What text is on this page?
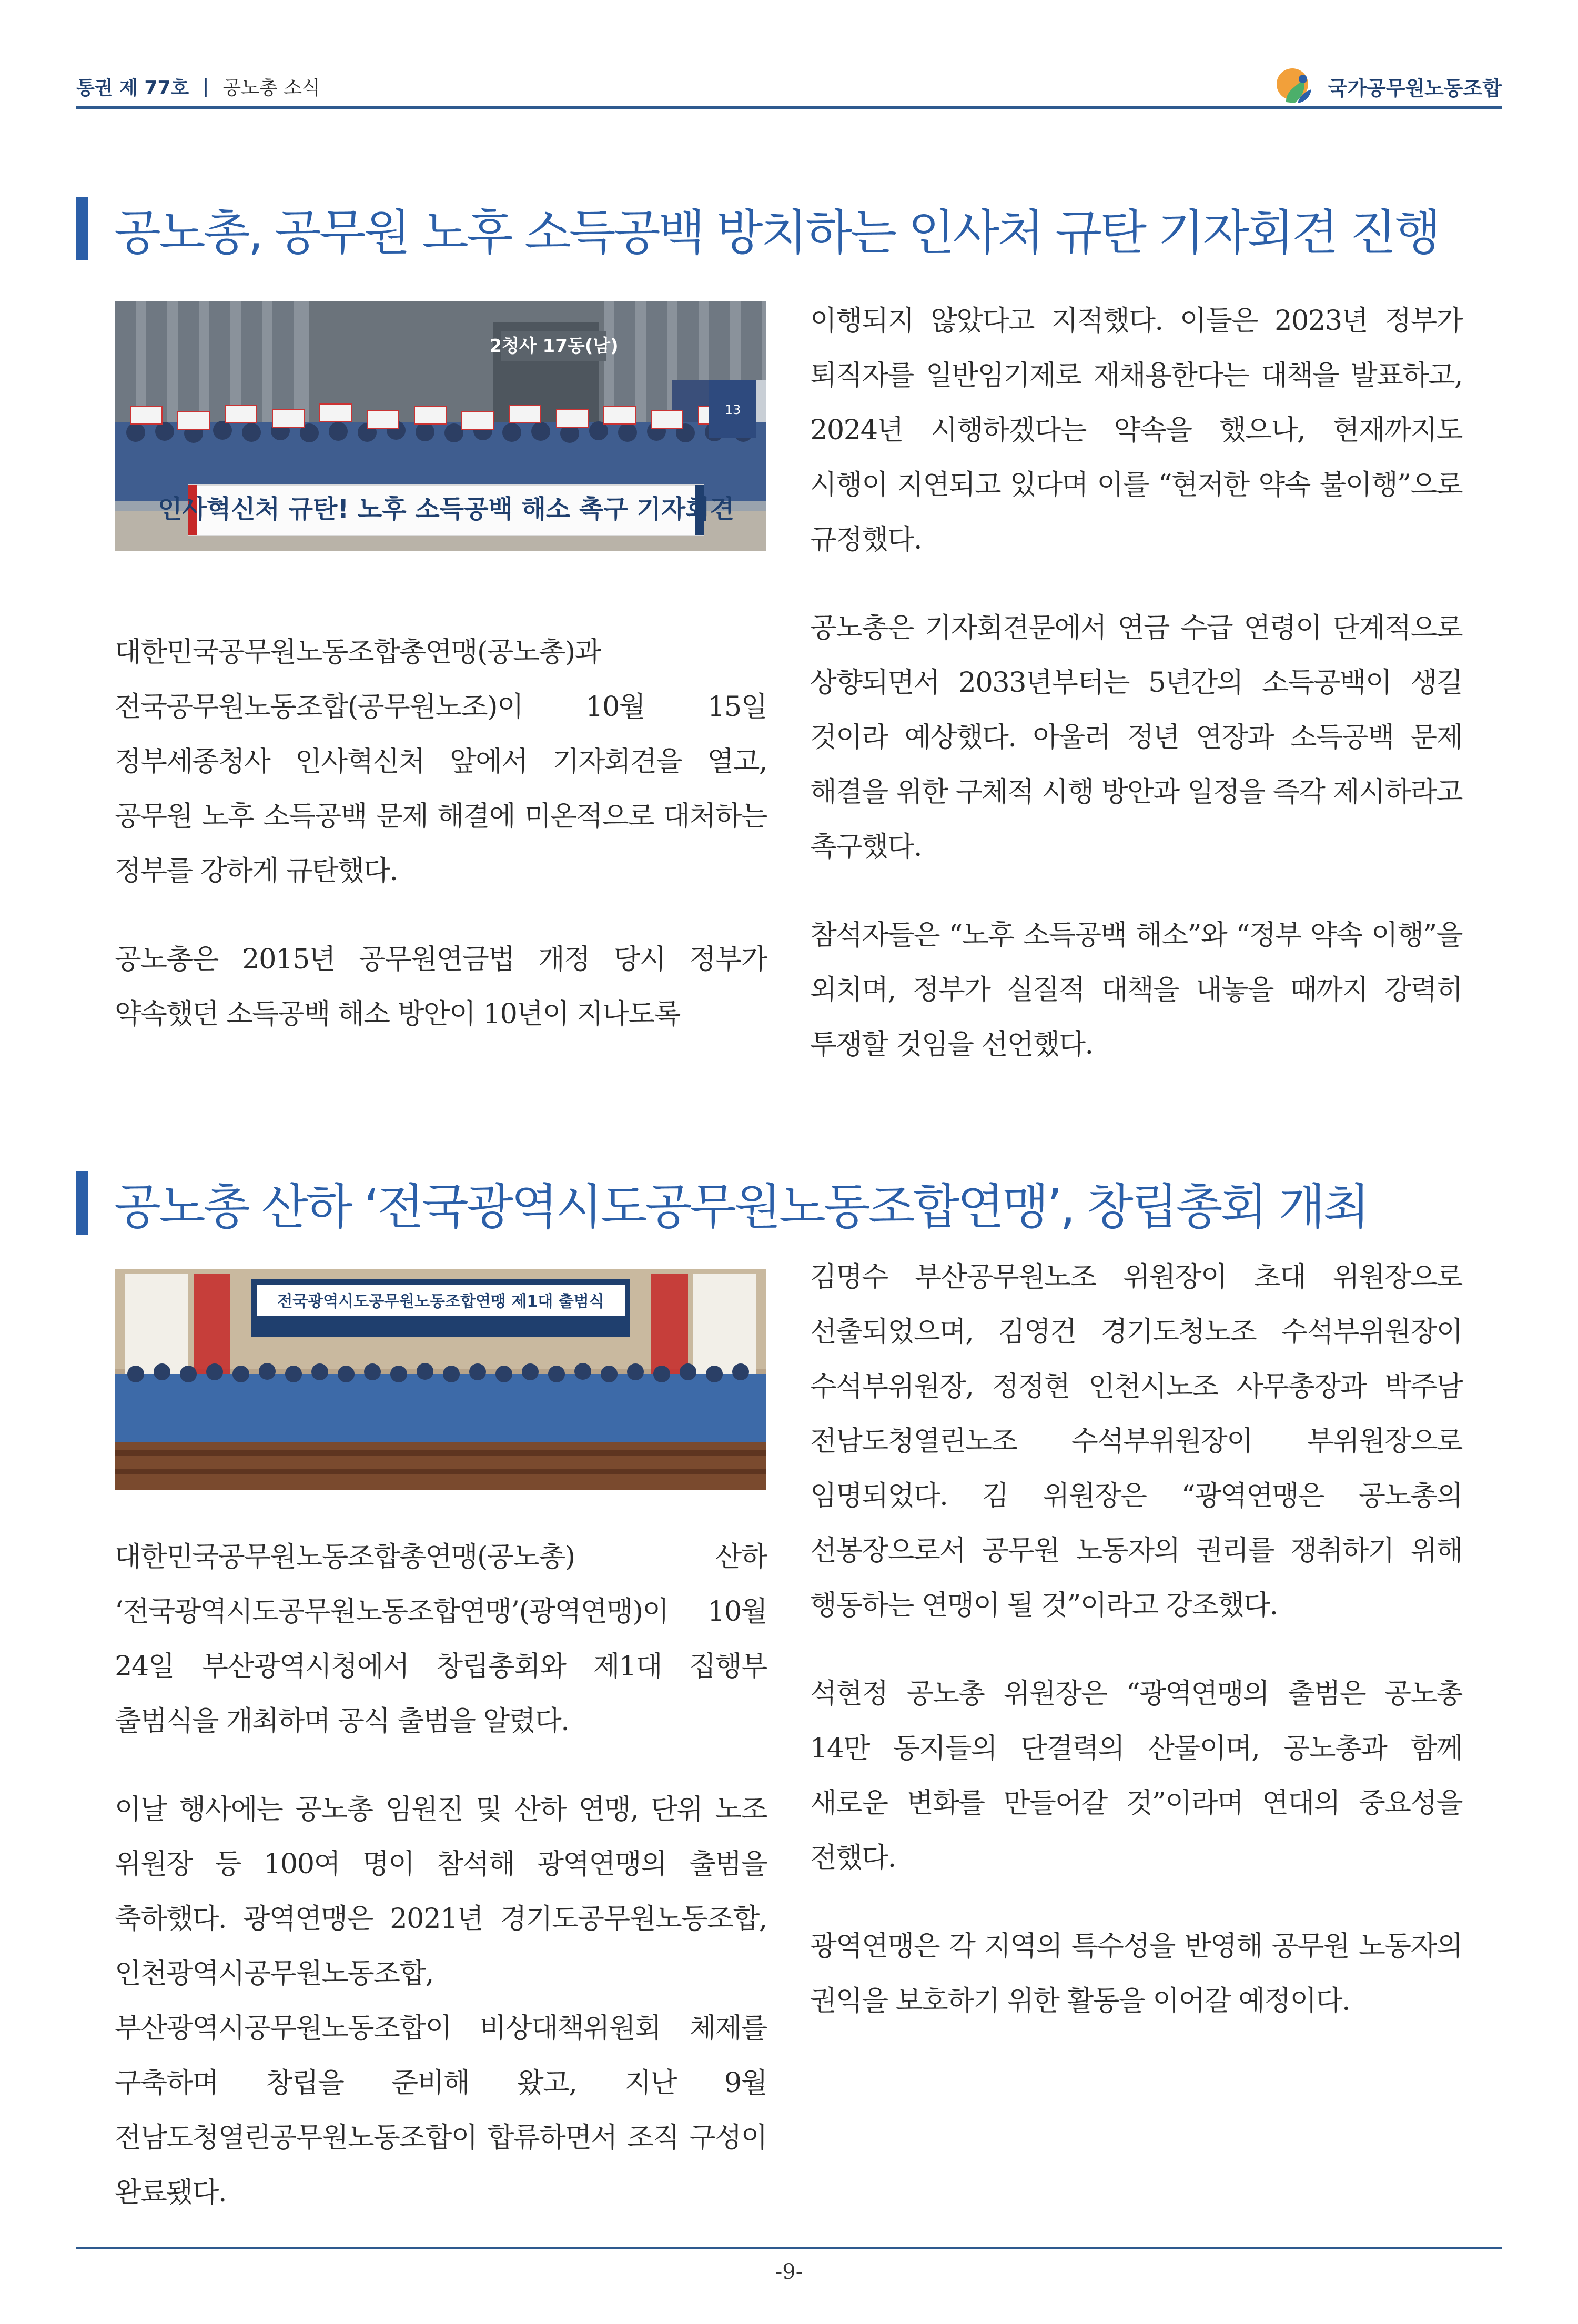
통권 제 77호 | 공노총 소식	국가공무원노동조합
공노총, 공무원 노후 소득공백 방치하는 인사처 규탄 기자회견 진행
인사혁신처 규탄! 노후 소득공백 해소 촉구 기자회견
2청사 17동(남)
13

대한민국공무원노동조합총연맹(공노총)과 전국공무원노동조합(공무원노조)이 10월 15일 정부세종청사 인사혁신처 앞에서 기자회견을 열고, 공무원 노후 소득공백 문제 해결에 미온적으로 대처하는 정부를 강하게 규탄했다.

공노총은 2015년 공무원연금법 개정 당시 정부가 약속했던 소득공백 해소 방안이 10년이 지나도록

이행되지 않았다고 지적했다. 이들은 2023년 정부가 퇴직자를 일반임기제로 재채용한다는 대책을 발표하고, 2024년 시행하겠다는 약속을 했으나, 현재까지도 시행이 지연되고 있다며 이를 “현저한 약속 불이행”으로 규정했다.

공노총은 기자회견문에서 연금 수급 연령이 단계적으로 상향되면서 2033년부터는 5년간의 소득공백이 생길 것이라 예상했다. 아울러 정년 연장과 소득공백 문제 해결을 위한 구체적 시행 방안과 일정을 즉각 제시하라고 촉구했다.

참석자들은 “노후 소득공백 해소”와 “정부 약속 이행”을 외치며, 정부가 실질적 대책을 내놓을 때까지 강력히 투쟁할 것임을 선언했다.

공노총 산하 ‘전국광역시도공무원노동조합연맹’, 창립총회 개최
전국광역시도공무원노동조합연맹 제1대 출범식

대한민국공무원노동조합총연맹(공노총) 산하 ‘전국광역시도공무원노동조합연맹’(광역연맹)이 10월 24일 부산광역시청에서 창립총회와 제1대 집행부 출범식을 개최하며 공식 출범을 알렸다.

이날 행사에는 공노총 임원진 및 산하 연맹, 단위 노조 위원장 등 100여 명이 참석해 광역연맹의 출범을 축하했다. 광역연맹은 2021년 경기도공무원노동조합, 인천광역시공무원노동조합, 부산광역시공무원노동조합이 비상대책위원회 체제를 구축하며 창립을 준비해 왔고, 지난 9월 전남도청열린공무원노동조합이 합류하면서 조직 구성이 완료됐다.

김명수 부산공무원노조 위원장이 초대 위원장으로 선출되었으며, 김영건 경기도청노조 수석부위원장이 수석부위원장, 정정현 인천시노조 사무총장과 박주남 전남도청열린노조 수석부위원장이 부위원장으로 임명되었다. 김 위원장은 “광역연맹은 공노총의 선봉장으로서 공무원 노동자의 권리를 쟁취하기 위해 행동하는 연맹이 될 것”이라고 강조했다.

석현정 공노총 위원장은 “광역연맹의 출범은 공노총 14만 동지들의 단결력의 산물이며, 공노총과 함께 새로운 변화를 만들어갈 것”이라며 연대의 중요성을 전했다.

광역연맹은 각 지역의 특수성을 반영해 공무원 노동자의 권익을 보호하기 위한 활동을 이어갈 예정이다.

-9-
